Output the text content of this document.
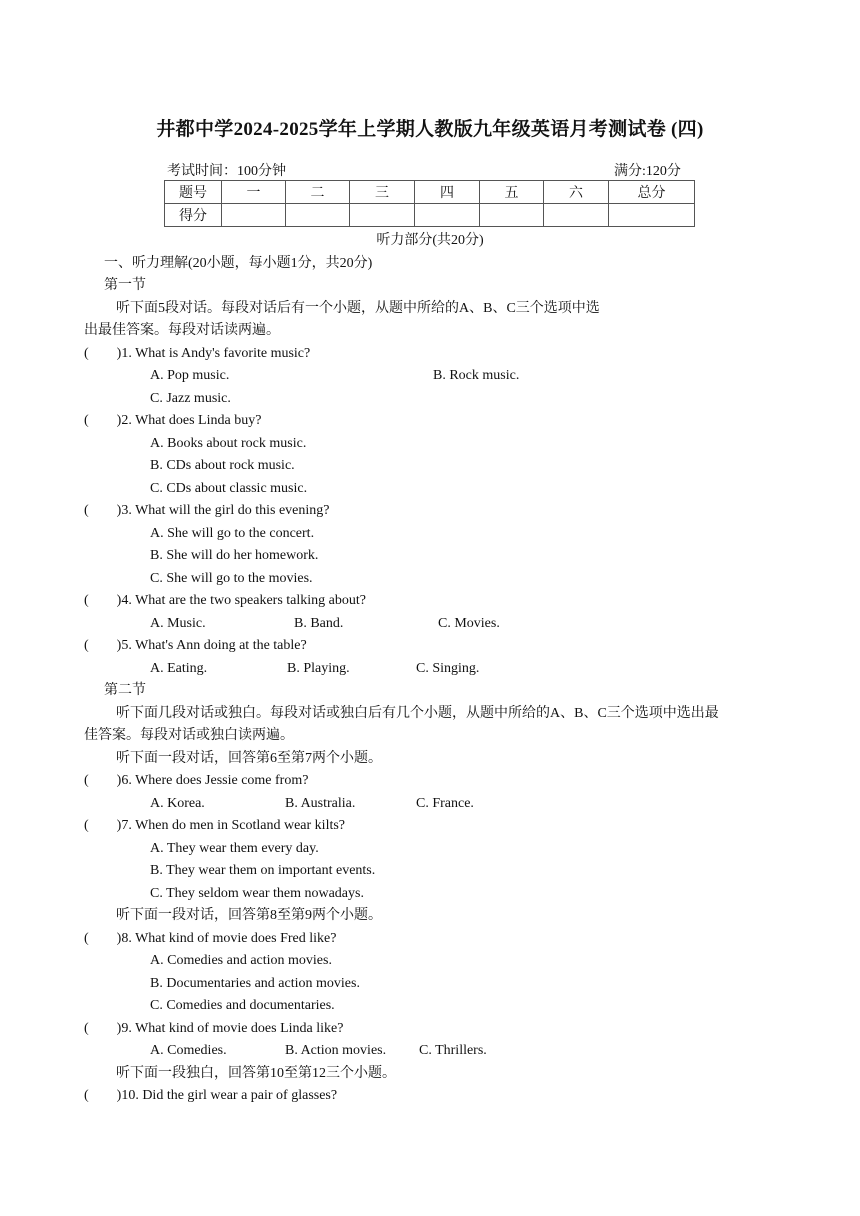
井都中学2024-2025学年上学期人教版九年级英语月考测试卷 (四)
考试时间：100分钟	满分:120分
题号	一	二	三	四	五	六	总分
得分							
听力部分(共20分)
一、听力理解(20小题，每小题1分，共20分)
第一节
听下面5段对话。每段对话后有一个小题，从题中所给的A、B、C三个选项中选
出最佳答案。每段对话读两遍。
(　　)1. What is Andy's favorite music?
A. Pop music.	B. Rock music.
C. Jazz music.
(　　)2. What does Linda buy?
A. Books about rock music.
B. CDs about rock music.
C. CDs about classic music.
(　　)3. What will the girl do this evening?
A. She will go to the concert.
B. She will do her homework.
C. She will go to the movies.
(　　)4. What are the two speakers talking about?
A. Music.	B. Band.	C. Movies.
(　　)5. What's Ann doing at the table?
A. Eating.	B. Playing.	C. Singing.
第二节
听下面几段对话或独白。每段对话或独白后有几个小题，从题中所给的A、B、C三个选项中选出最
佳答案。每段对话或独白读两遍。
听下面一段对话，回答第6至第7两个小题。
(　　)6. Where does Jessie come from?
A. Korea.	B. Australia.	C. France.
(　　)7. When do men in Scotland wear kilts?
A. They wear them every day.
B. They wear them on important events.
C. They seldom wear them nowadays.
听下面一段对话，回答第8至第9两个小题。
(　　)8. What kind of movie does Fred like?
A. Comedies and action movies.
B. Documentaries and action movies.
C. Comedies and documentaries.
(　　)9. What kind of movie does Linda like?
A. Comedies.	B. Action movies. C. Thrillers.
听下面一段独白，回答第10至第12三个小题。
(　　)10. Did the girl wear a pair of glasses?
